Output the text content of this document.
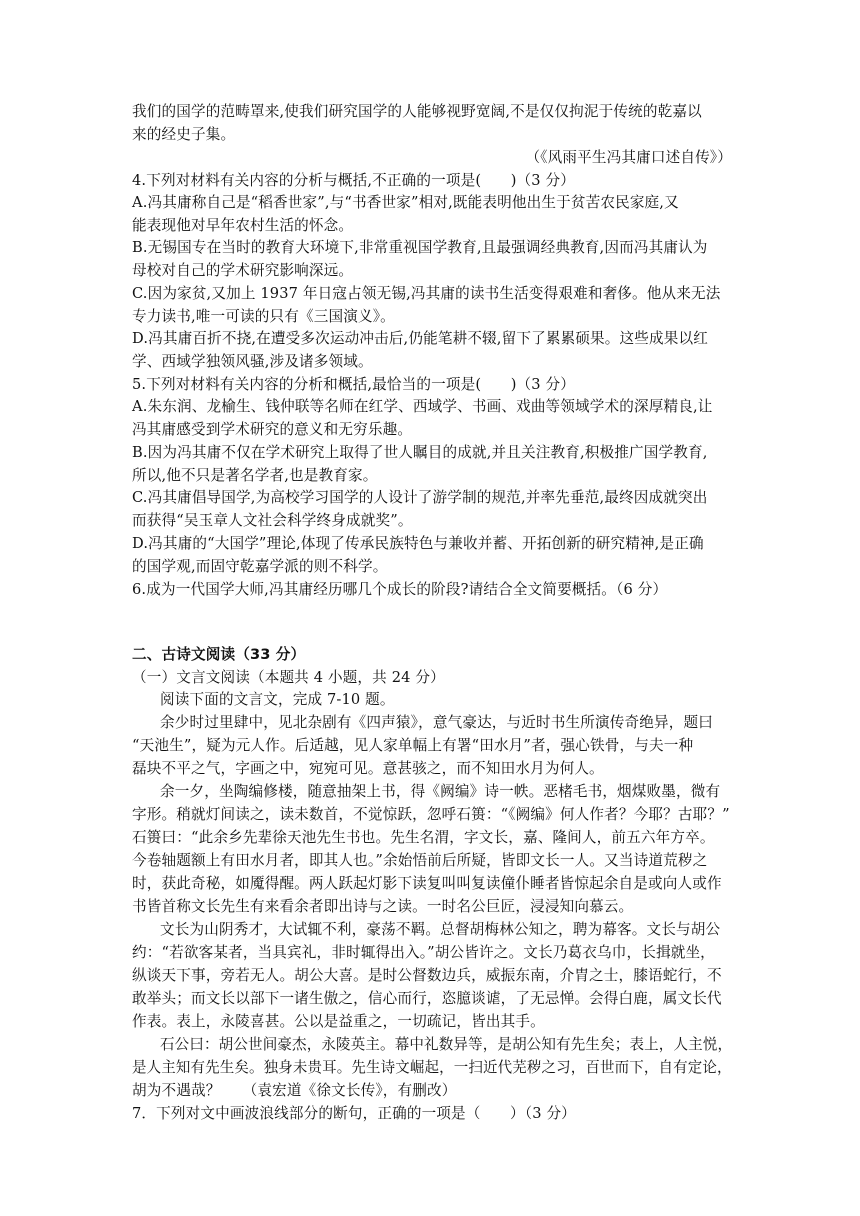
我们的国学的范畴罩来,使我们研究国学的人能够视野宽阔,不是仅仅拘泥于传统的乾嘉以
来的经史子集。
（《风雨平生冯其庸口述自传》）
4.下列对材料有关内容的分析与概括,不正确的一项是(　　)（3 分）
A.冯其庸称自己是“稻香世家”,与“书香世家”相对,既能表明他出生于贫苦农民家庭,又
能表现他对早年农村生活的怀念。
B.无锡国专在当时的教育大环境下,非常重视国学教育,且最强调经典教育,因而冯其庸认为
母校对自己的学术研究影响深远。
C.因为家贫,又加上 1937 年日寇占领无锡,冯其庸的读书生活变得艰难和奢侈。他从来无法
专力读书,唯一可读的只有《三国演义》。
D.冯其庸百折不挠,在遭受多次运动冲击后,仍能笔耕不辍,留下了累累硕果。这些成果以红
学、西域学独领风骚,涉及诸多领域。
5.下列对材料有关内容的分析和概括,最恰当的一项是(　　)（3 分）
A.朱东润、龙榆生、钱仲联等名师在红学、西域学、书画、戏曲等领域学术的深厚精良,让
冯其庸感受到学术研究的意义和无穷乐趣。
B.因为冯其庸不仅在学术研究上取得了世人瞩目的成就,并且关注教育,积极推广国学教育,
所以,他不只是著名学者,也是教育家。
C.冯其庸倡导国学,为高校学习国学的人设计了游学制的规范,并率先垂范,最终因成就突出
而获得“吴玉章人文社会科学终身成就奖”。
D.冯其庸的“大国学”理论,体现了传承民族特色与兼收并蓄、开拓创新的研究精神,是正确
的国学观,而固守乾嘉学派的则不科学。
6.成为一代国学大师,冯其庸经历哪几个成长的阶段?请结合全文简要概括。（6 分）
二、古诗文阅读（33 分）
（一）文言文阅读（本题共 4 小题，共 24 分）
阅读下面的文言文，完成 7-10 题。
余少时过里肆中，见北杂剧有《四声猿》，意气豪达，与近时书生所演传奇绝异，题曰
“天池生”，疑为元人作。后适越，见人家单幅上有署“田水月”者，强心铁骨，与夫一种
磊块不平之气，字画之中，宛宛可见。意甚骇之，而不知田水月为何人。
余一夕，坐陶编修楼，随意抽架上书，得《阙编》诗一帙。恶楮毛书，烟煤败墨，微有
字形。稍就灯间读之，读未数首，不觉惊跃，忽呼石篑：“《阙编》何人作者？今耶？古耶？”
石篑曰：“此余乡先辈徐天池先生书也。先生名渭，字文长，嘉、隆间人，前五六年方卒。
今卷轴题额上有田水月者，即其人也。”余始悟前后所疑，皆即文长一人。又当诗道荒秽之
时，获此奇秘，如魇得醒。两人跃起灯影下读复叫叫复读僮仆睡者皆惊起余自是或向人或作
书皆首称文长先生有来看余者即出诗与之读。一时名公巨匠，浸浸知向慕云。
文长为山阴秀才，大试辄不利，豪荡不羁。总督胡梅林公知之，聘为幕客。文长与胡公
约：“若欲客某者，当具宾礼，非时辄得出入。”胡公皆许之。文长乃葛衣乌巾，长揖就坐，
纵谈天下事，旁若无人。胡公大喜。是时公督数边兵，威振东南，介胄之士，膝语蛇行，不
敢举头；而文长以部下一诸生傲之，信心而行，恣臆谈谑，了无忌惮。会得白鹿，属文长代
作表。表上，永陵喜甚。公以是益重之，一切疏记，皆出其手。
石公曰：胡公世间豪杰，永陵英主。幕中礼数异等，是胡公知有先生矣；表上，人主悦，
是人主知有先生矣。独身未贵耳。先生诗文崛起，一扫近代芜秽之习，百世而下，自有定论，
胡为不遇哉？　　（袁宏道《徐文长传》，有删改）
7．下列对文中画波浪线部分的断句，正确的一项是（　　）（3 分）
